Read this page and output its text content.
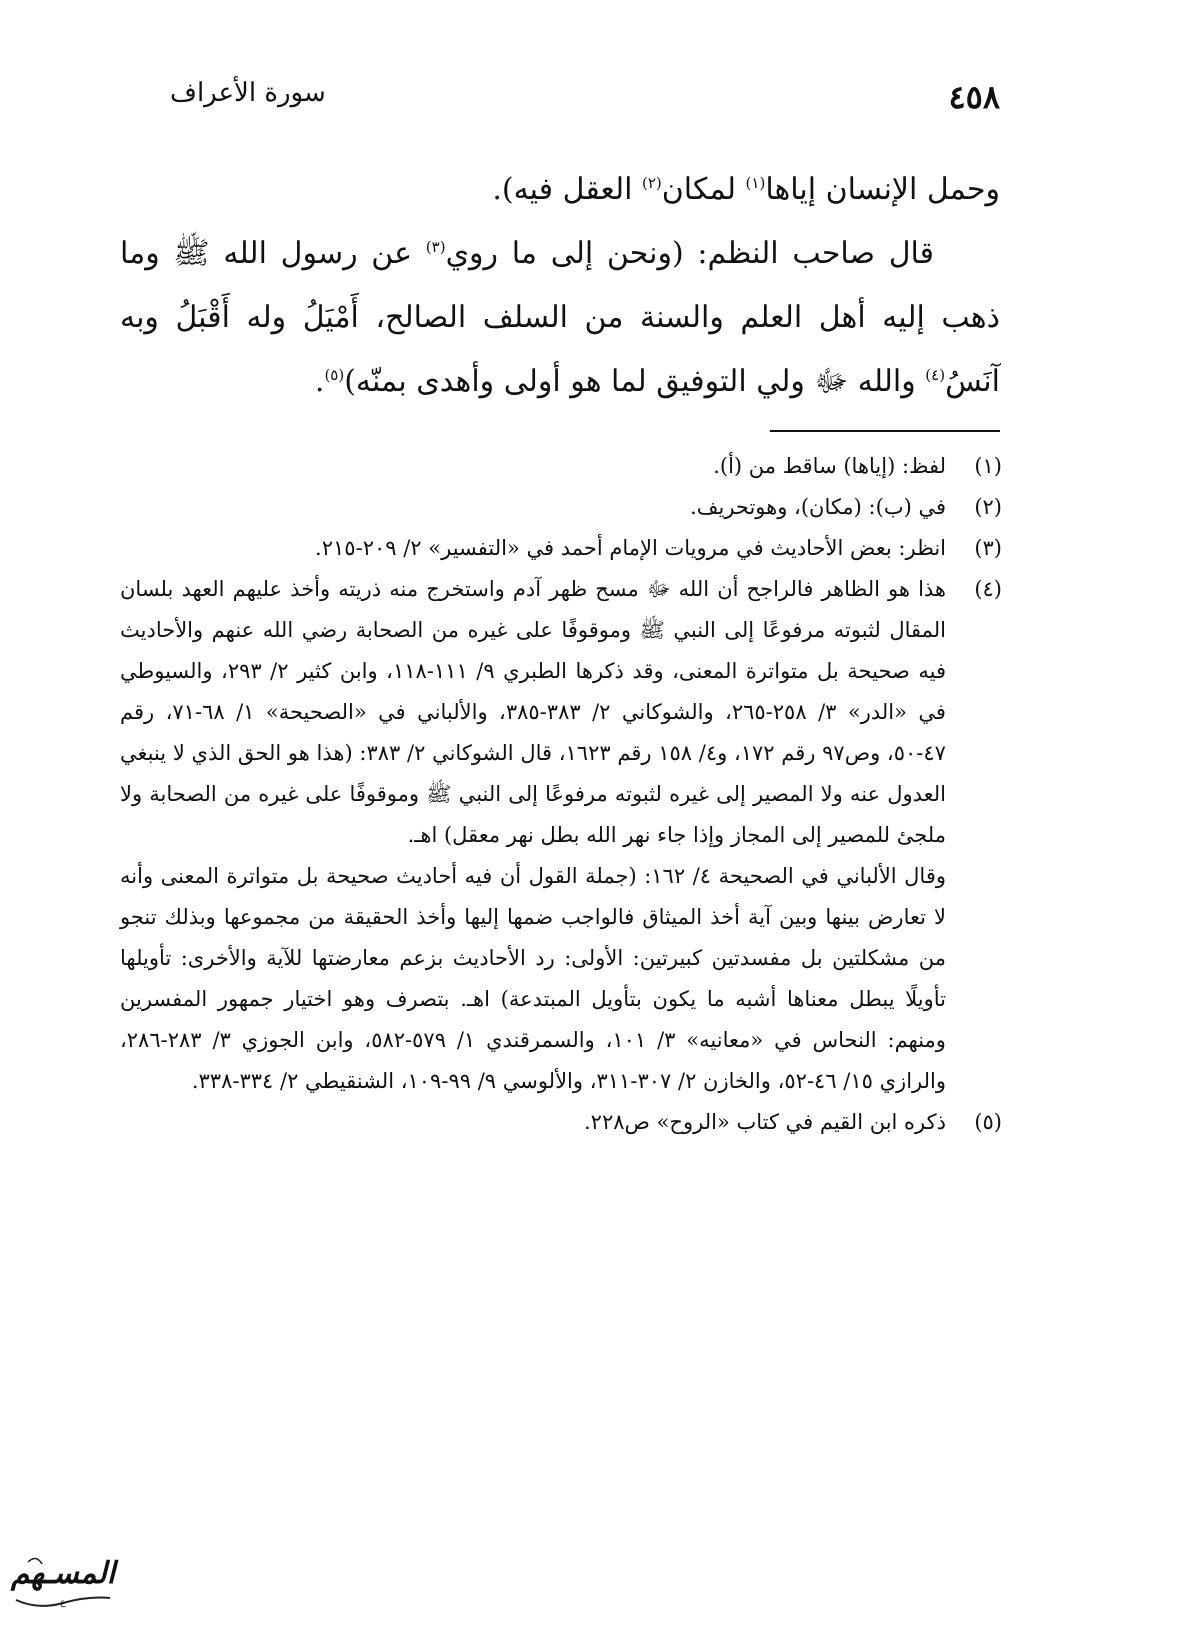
٤٥٨
سورة الأعراف

وحمل الإنسان إياها$^{(١)}$ لمكان$^{(٢)}$ العقل فيه).

قال صاحب النظم: (ونحن إلى ما روي$^{(٣)}$ عن رسول الله ﷺ وما ذهب إليه أهل العلم والسنة من السلف الصالح، أَمْيَلُ وله أَقْبَلُ وبه آنَسُ$^{(٤)}$ والله ﷻ ولي التوفيق لما هو أولى وأهدى بمنّه)$^{(٥)}$.

(١)

لفظ: (إياها) ساقط من (أ).

(٢)

في (ب): (مكان)، وهوتحريف.

(٣)

انظر: بعض الأحاديث في مرويات الإمام أحمد في «التفسير» ٢/ ٢٠٩-٢١٥.

(٤)

هذا هو الظاهر فالراجح أن الله ﷻ مسح ظهر آدم واستخرج منه ذريته وأخذ عليهم العهد بلسان المقال لثبوته مرفوعًا إلى النبي ﷺ وموقوفًا على غيره من الصحابة رضي الله عنهم والأحاديث فيه صحيحة بل متواترة المعنى، وقد ذكرها الطبري ٩/ ١١١-١١٨، وابن كثير ٢/ ٢٩٣، والسيوطي في «الدر» ٣/ ٢٥٨-٢٦٥، والشوكاني ٢/ ٣٨٣-٣٨٥، والألباني في «الصحيحة» ١/ ٦٨-٧١، رقم ٤٧-٥٠، وص٩٧ رقم ١٧٢، و٤/ ١٥٨ رقم ١٦٢٣، قال الشوكاني ٢/ ٣٨٣: (هذا هو الحق الذي لا ينبغي العدول عنه ولا المصير إلى غيره لثبوته مرفوعًا إلى النبي ﷺ وموقوفًا على غيره من الصحابة ولا ملجئ للمصير إلى المجاز وإذا جاء نهر الله بطل نهر معقل) اهـ.

وقال الألباني في الصحيحة ٤/ ١٦٢: (جملة القول أن فيه أحاديث صحيحة بل متواترة المعنى وأنه لا تعارض بينها وبين آية أخذ الميثاق فالواجب ضمها إليها وأخذ الحقيقة من مجموعها وبذلك تنجو من مشكلتين بل مفسدتين كبيرتين: الأولى: رد الأحاديث بزعم معارضتها للآية والأخرى: تأويلها تأويلًا يبطل معناها أشبه ما يكون بتأويل المبتدعة) اهـ. بتصرف وهو اختيار جمهور المفسرين ومنهم: النحاس في «معانيه» ٣/ ١٠١، والسمرقندي ١/ ٥٧٩-٥٨٢، وابن الجوزي ٣/ ٢٨٣-٢٨٦، والرازي ١٥/ ٤٦-٥٢، والخازن ٢/ ٣٠٧-٣١١، والألوسي ٩/ ٩٩-١٠٩، الشنقيطي ٢/ ٣٣٤-٣٣٨.

(٥)

ذكره ابن القيم في كتاب «الروح» ص٢٢٨.

المسـهم
ع
